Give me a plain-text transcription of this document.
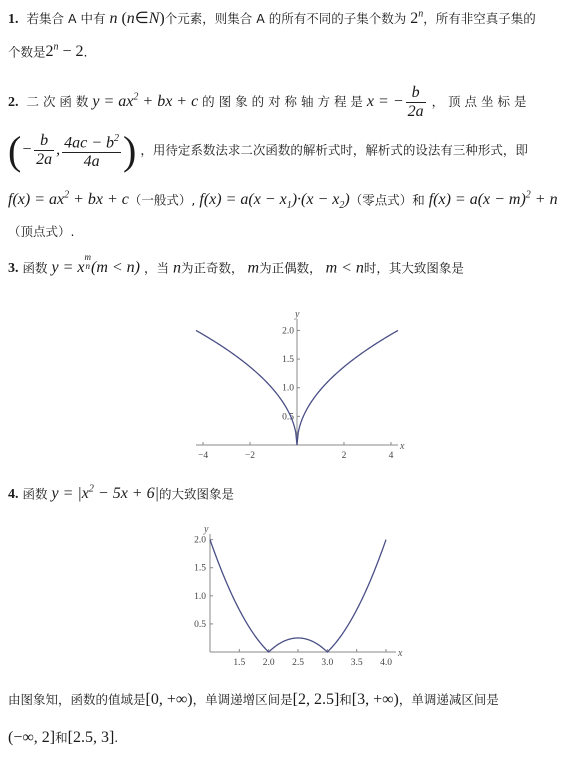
1. 若集合 A 中有 n (n∈N)个元素，则集合 A 的所有不同的子集个数为 2$^n$，所有非空真子集的
个数是$2^n - 2$.
2. 二 次 函 数 $y = ax^2$ + bx + c 的 图 象 的 对 称 轴 方 程 是 x = − $\frac{b}{2a}$ ， 顶 点 坐 标 是
(− $\frac{b}{2a}$ , $\frac{4ac - b^2}{4a}$ ) ，用待定系数法求二次函数的解析式时，解析式的设法有三种形式，即
$f(x) = ax^2$ + bx + c（一般式）, $f(x) = a(x - x_1)\cdot(x - x_2)$（零点式）和 $f(x) = a(x - m)^2 + n$
（顶点式）.
3. 函数 $y = x^{m n}(m < n)$ ，当 n为正奇数， m为正偶数， m < n时，其大致图象是
x
y
−4	−2	2	4
0.5
1.0
1.5
2.0
4. 函数 $y = |x^2 - 5x + 6|$的大致图象是
x
y
1.5 2.0 2.5 3.0 3.5 4.0
0.5
1.0
1.5
2.0
由图象知，函数的值域是[0, +∞)，单调递增区间是[2, 2.5]和[3, +∞)，单调递减区间是
(−∞, 2]和[2.5, 3].
